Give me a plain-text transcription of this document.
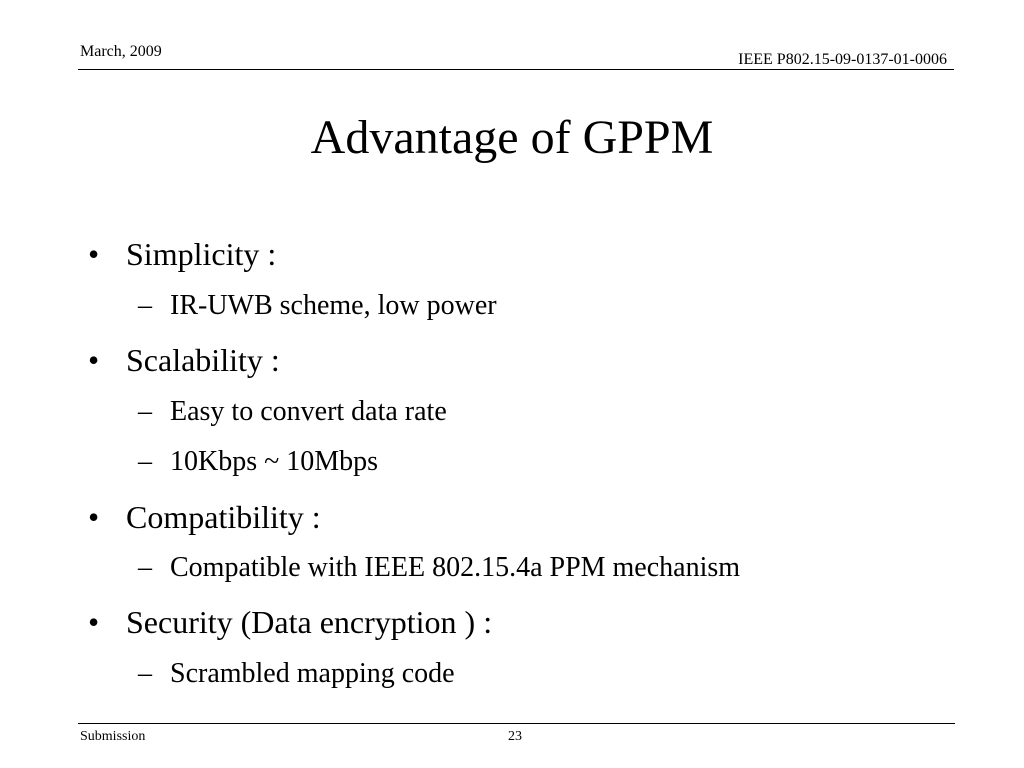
March, 2009	IEEE P802.15-09-0137-01-0006
Advantage of GPPM
• Simplicity :
– IR-UWB scheme, low power
• Scalability :
– Easy to convert data rate
– 10Kbps ~ 10Mbps
• Compatibility :
– Compatible with IEEE 802.15.4a PPM mechanism
• Security (Data encryption ) :
– Scrambled mapping code
Submission	23
